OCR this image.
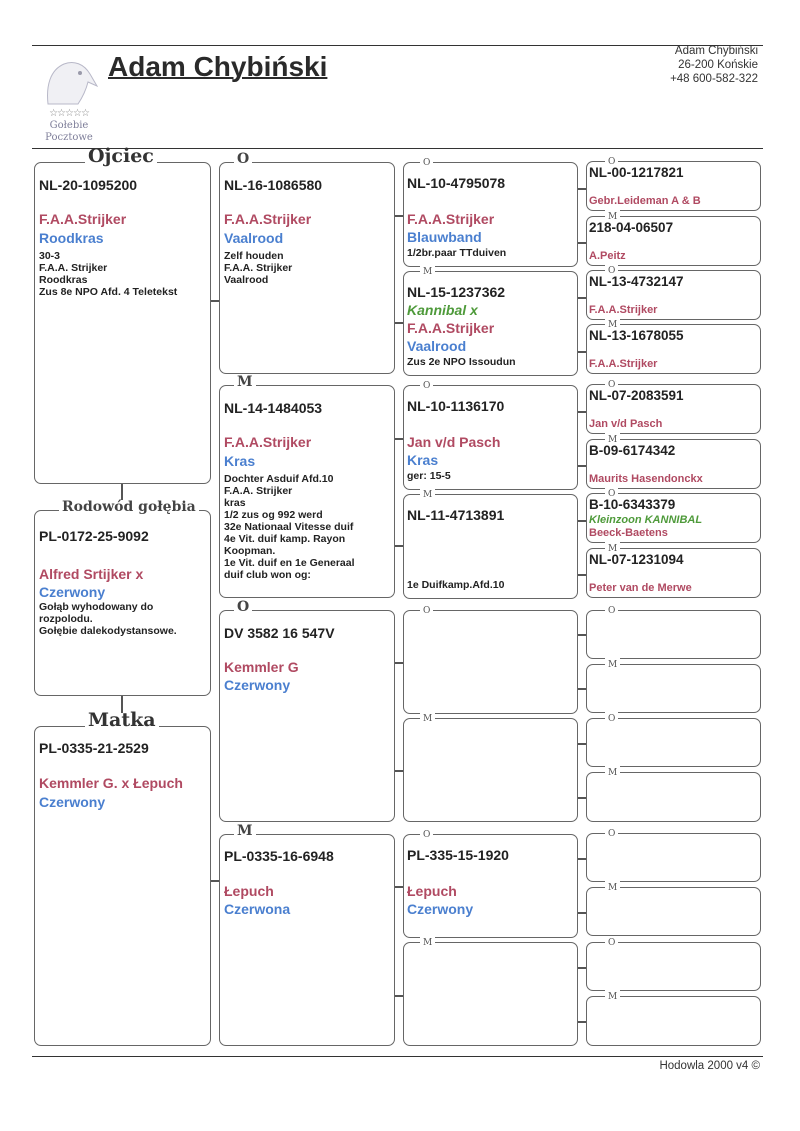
☆☆☆☆☆
Gołebie
Pocztowe
Adam Chybiński	Adam Chybiński
26-200 Końskie
+48 600-582-322
Ojciec
NL-20-1095200
F.A.A.Strijker
Roodkras
30-3
F.A.A. Strijker
Roodkras
Zus 8e NPO Afd. 4 Teletekst
Rodowód gołębia
PL-0172-25-9092
Alfred Srtijker x
Czerwony
Gołąb wyhodowany do
rozpolodu.
Gołębie dalekodystansowe.
Matka
PL-0335-21-2529
Kemmler G. x Łepuch
Czerwony
O
NL-16-1086580
F.A.A.Strijker
Vaalrood
Zelf houden
F.A.A. Strijker
Vaalrood
M
NL-14-1484053
F.A.A.Strijker
Kras
Dochter Asduif Afd.10
F.A.A. Strijker
kras
1/2 zus og 992 werd
32e Nationaal Vitesse duif
4e Vit. duif kamp. Rayon
Koopman.
1e Vit. duif en 1e Generaal
duif club won og:
O
DV 3582 16 547V
Kemmler G
Czerwony
M
PL-0335-16-6948
Łepuch
Czerwona
O
NL-10-4795078
F.A.A.Strijker
Blauwband
1/2br.paar TTduiven
M
NL-15-1237362
Kannibal x
F.A.A.Strijker
Vaalrood
Zus 2e NPO Issoudun
O
NL-10-1136170
Jan v/d Pasch
Kras
ger: 15-5
M
NL-11-4713891
1e Duifkamp.Afd.10
O
M
O
PL-335-15-1920
Łepuch
Czerwony
M
O
NL-00-1217821
Gebr.Leideman A & B
M
218-04-06507
A.Peitz
O
NL-13-4732147
F.A.A.Strijker
M
NL-13-1678055
F.A.A.Strijker
O
NL-07-2083591
Jan v/d Pasch
M
B-09-6174342
Maurits Hasendonckx
O
B-10-6343379
Kleinzoon KANNIBAL
Beeck-Baetens
M
NL-07-1231094
Peter van de Merwe
O
M
O
M
O
M
O
M
Hodowla 2000 v4 ©
